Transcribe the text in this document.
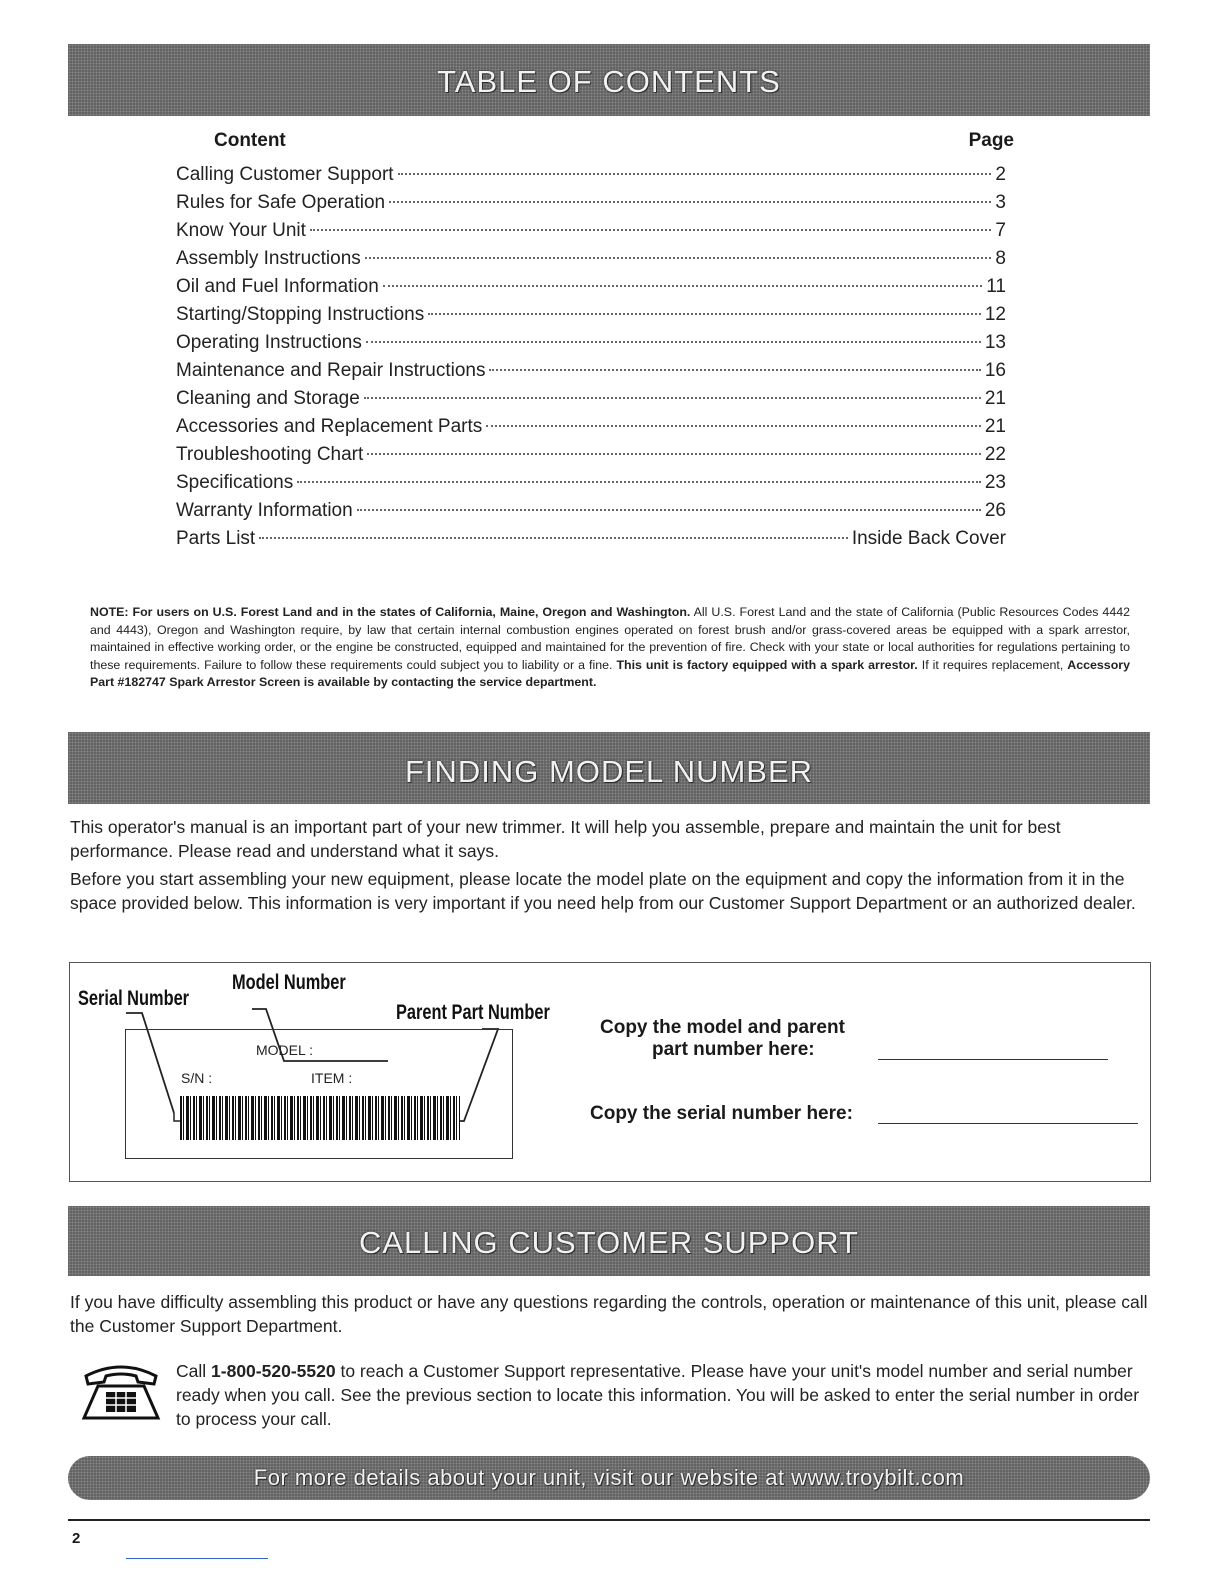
TABLE OF CONTENTS
Content	Page
Calling Customer Support	2
Rules for Safe Operation	3
Know Your Unit	7
Assembly Instructions	8
Oil and Fuel Information	11
Starting/Stopping Instructions	12
Operating Instructions	13
Maintenance and Repair Instructions	16
Cleaning and Storage	21
Accessories and Replacement Parts	21
Troubleshooting Chart	22
Specifications	23
Warranty Information	26
Parts List	Inside Back Cover

NOTE: For users on U.S. Forest Land and in the states of California, Maine, Oregon and Washington. All U.S. Forest Land and the state of California (Public Resources Codes 4442 and 4443), Oregon and Washington require, by law that certain internal combustion engines operated on forest brush and/or grass-covered areas be equipped with a spark arrestor, maintained in effective working order, or the engine be constructed, equipped and maintained for the prevention of fire. Check with your state or local authorities for regulations pertaining to these requirements. Failure to follow these requirements could subject you to liability or a fine. This unit is factory equipped with a spark arrestor. If it requires replacement, Accessory Part #182747 Spark Arrestor Screen is available by contacting the service department.

FINDING MODEL NUMBER

This operator's manual is an important part of your new trimmer. It will help you assemble, prepare and maintain the unit for best performance. Please read and understand what it says.

Before you start assembling your new equipment, please locate the model plate on the equipment and copy the information from it in the space provided below. This information is very important if you need help from our Customer Support Department or an authorized dealer.

Serial Number
Model Number
Parent Part Number
MODEL :
S/N :	ITEM :
Copy the model and parent
part number here:
Copy the serial number here:
CALLING CUSTOMER SUPPORT

If you have difficulty assembling this product or have any questions regarding the controls, operation or maintenance of this unit, please call the Customer Support Department.

Call 1-800-520-5520 to reach a Customer Support representative. Please have your unit's model number and serial number ready when you call. See the previous section to locate this information. You will be asked to enter the serial number in order to process your call.

For more details about your unit, visit our website at www.troybilt.com
2
